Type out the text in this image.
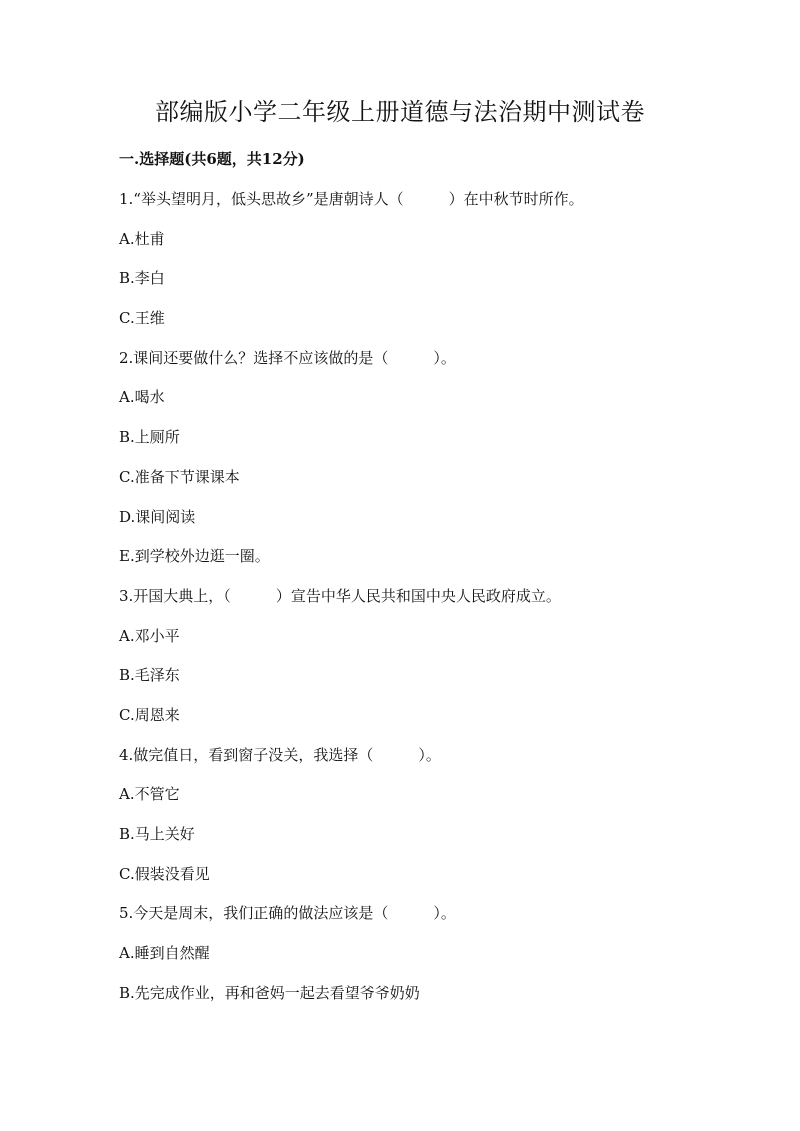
部编版小学二年级上册道德与法治期中测试卷
一.选择题(共6题，共12分)
1.“举头望明月，低头思故乡”是唐朝诗人（　　　）在中秋节时所作。
A.杜甫
B.李白
C.王维
2.课间还要做什么？选择不应该做的是（　　　）。
A.喝水
B.上厕所
C.准备下节课课本
D.课间阅读
E.到学校外边逛一圈。
3.开国大典上，（　　　）宣告中华人民共和国中央人民政府成立。
A.邓小平
B.毛泽东
C.周恩来
4.做完值日，看到窗子没关，我选择（　　　）。
A.不管它
B.马上关好
C.假装没看见
5.今天是周末，我们正确的做法应该是（　　　）。
A.睡到自然醒
B.先完成作业，再和爸妈一起去看望爷爷奶奶
